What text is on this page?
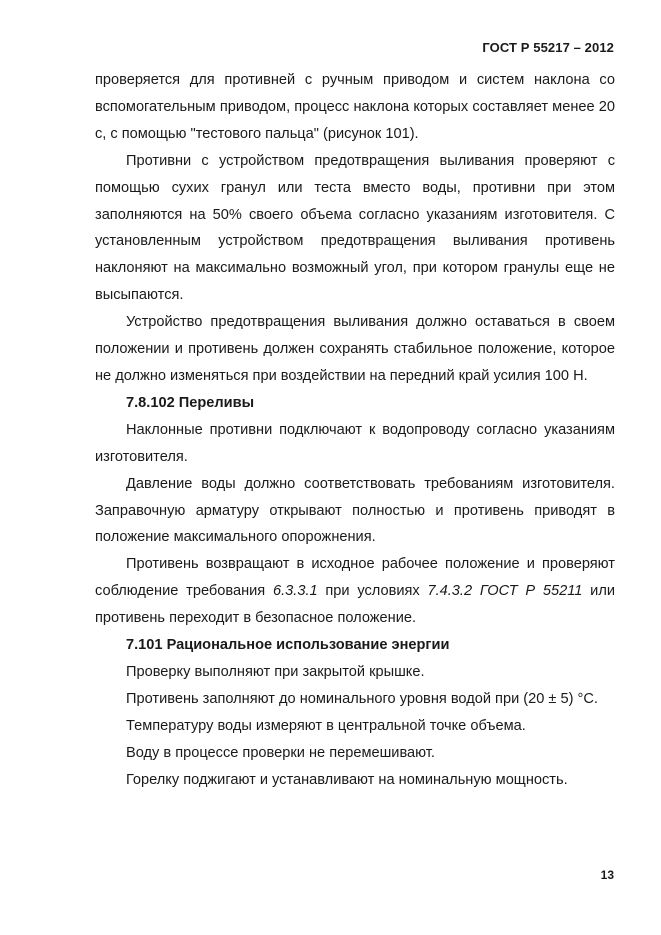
ГОСТ Р 55217 – 2012

проверяется для противней с ручным приводом и систем наклона со вспомогательным приводом, процесс наклона которых составляет менее 20 с, с помощью "тестового пальца" (рисунок 101).

Противни с устройством предотвращения выливания проверяют с помощью сухих гранул или теста вместо воды, противни при этом заполняются на 50% своего объема согласно указаниям изготовителя. С установленным устройством предотвращения выливания противень наклоняют на максимально возможный угол, при котором гранулы еще не высыпаются.

Устройство предотвращения выливания должно оставаться в своем положении и противень должен сохранять стабильное положение, которое не должно изменяться при воздействии на передний край усилия 100 Н.

7.8.102 Переливы

Наклонные противни подключают к водопроводу согласно указаниям изготовителя.

Давление воды должно соответствовать требованиям изготовителя. Заправочную арматуру открывают полностью и противень приводят в положение максимального опорожнения.

Противень возвращают в исходное рабочее положение и проверяют соблюдение требования 6.3.3.1 при условиях 7.4.3.2 ГОСТ Р 55211 или противень переходит в безопасное положение.

7.101 Рациональное использование энергии

Проверку выполняют при закрытой крышке.

Противень заполняют до номинального уровня водой при (20 ± 5) °С.

Температуру воды измеряют в центральной точке объема.

Воду в процессе проверки не перемешивают.

Горелку поджигают и устанавливают на номинальную мощность.

13
